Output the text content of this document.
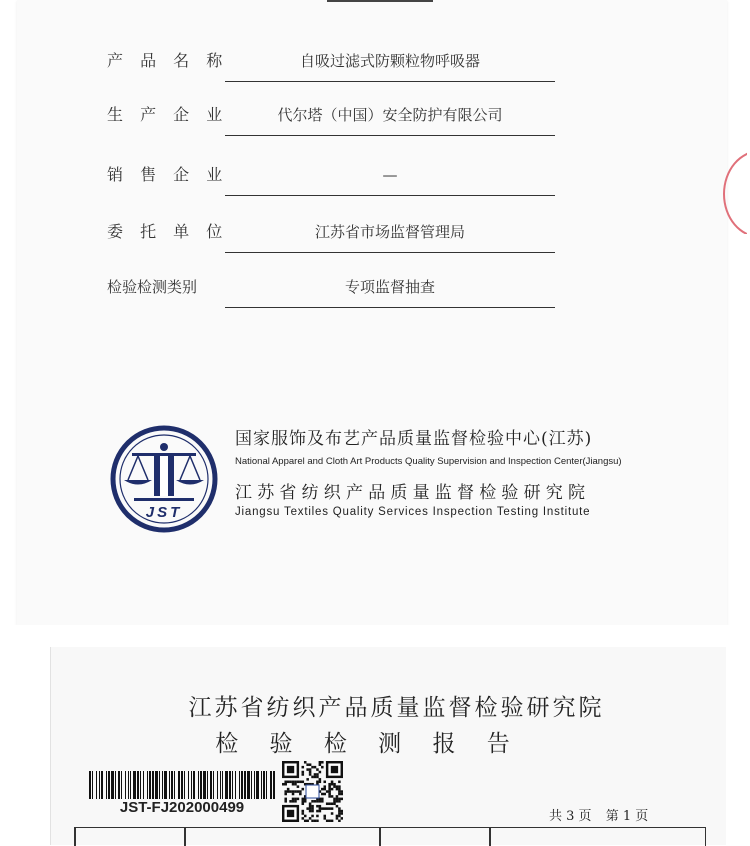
产 品 名 称	自吸过滤式防颗粒物呼吸器
生 产 企 业	代尔塔（中国）安全防护有限公司
销 售 企 业	—
委 托 单 位	江苏省市场监督管理局
检验检测类别	专项监督抽查
JST
国家服饰及布艺产品质量监督检验中心(江苏)
National Apparel and Cloth Art Products Quality Supervision and Inspection Center(Jiangsu)
江苏省纺织产品质量监督检验研究院
Jiangsu Textiles Quality Services Inspection Testing Institute
江苏省纺织产品质量监督检验研究院
检 验 检 测 报 告
JST-FJ202000499
共 3 页 第 1 页
